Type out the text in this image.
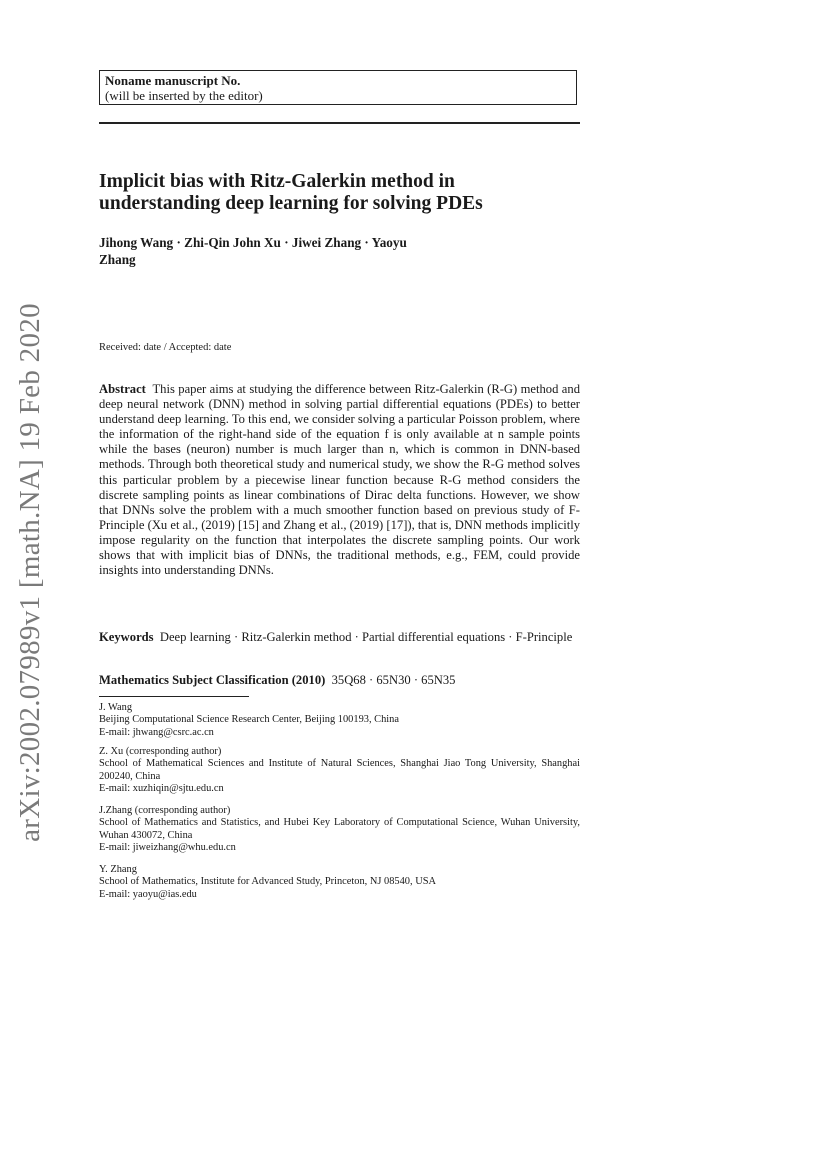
arXiv:2002.07989v1 [math.NA] 19 Feb 2020
Noname manuscript No.
(will be inserted by the editor)
Implicit bias with Ritz-Galerkin method in understanding deep learning for solving PDEs
Jihong Wang · Zhi-Qin John Xu · Jiwei Zhang · Yaoyu Zhang
Received: date / Accepted: date
Abstract This paper aims at studying the difference between Ritz-Galerkin (R-G) method and deep neural network (DNN) method in solving partial differential equations (PDEs) to better understand deep learning. To this end, we consider solving a particular Poisson problem, where the information of the right-hand side of the equation f is only available at n sample points while the bases (neuron) number is much larger than n, which is common in DNN-based methods. Through both theoretical study and numerical study, we show the R-G method solves this particular problem by a piecewise linear function because R-G method considers the discrete sampling points as linear combinations of Dirac delta functions. However, we show that DNNs solve the problem with a much smoother function based on previous study of F-Principle (Xu et al., (2019) [15] and Zhang et al., (2019) [17]), that is, DNN methods implicitly impose regularity on the function that interpolates the discrete sampling points. Our work shows that with implicit bias of DNNs, the traditional methods, e.g., FEM, could provide insights into understanding DNNs.
Keywords Deep learning · Ritz-Galerkin method · Partial differential equations · F-Principle
Mathematics Subject Classification (2010) 35Q68 · 65N30 · 65N35
J. Wang
Beijing Computational Science Research Center, Beijing 100193, China
E-mail: jhwang@csrc.ac.cn
Z. Xu (corresponding author)
School of Mathematical Sciences and Institute of Natural Sciences, Shanghai Jiao Tong University, Shanghai 200240, China
E-mail: xuzhiqin@sjtu.edu.cn
J.Zhang (corresponding author)
School of Mathematics and Statistics, and Hubei Key Laboratory of Computational Science, Wuhan University, Wuhan 430072, China
E-mail: jiweizhang@whu.edu.cn
Y. Zhang
School of Mathematics, Institute for Advanced Study, Princeton, NJ 08540, USA
E-mail: yaoyu@ias.edu
